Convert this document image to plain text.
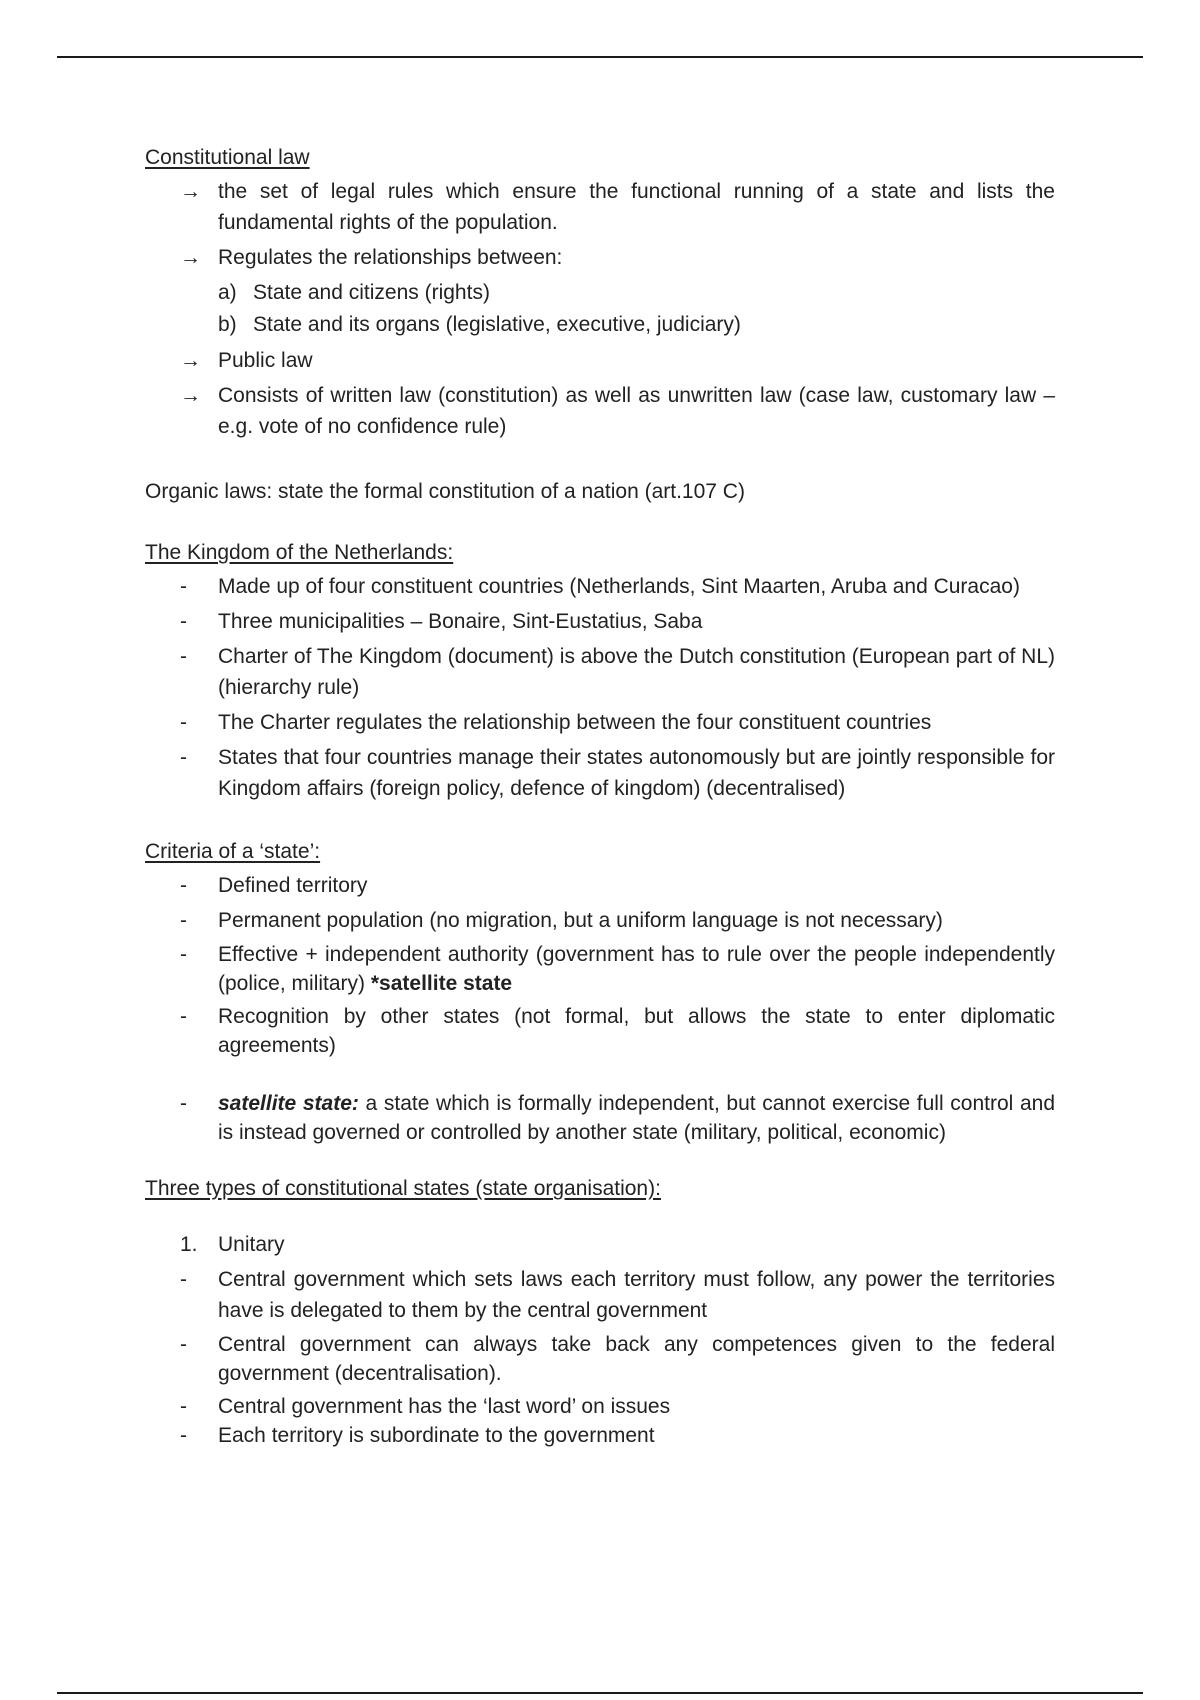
Constitutional law

→ the set of legal rules which ensure the functional running of a state and lists the fundamental rights of the population.
→ Regulates the relationships between:
a) State and citizens (rights)
b) State and its organs (legislative, executive, judiciary)
→ Public law
→ Consists of written law (constitution) as well as unwritten law (case law, customary law – e.g. vote of no confidence rule)

Organic laws: state the formal constitution of a nation (art.107 C)

The Kingdom of the Netherlands:

-	Made up of four constituent countries (Netherlands, Sint Maarten, Aruba and Curacao)
-	Three municipalities – Bonaire, Sint-Eustatius, Saba
-	Charter of The Kingdom (document) is above the Dutch constitution (European part of NL) (hierarchy rule)
-	The Charter regulates the relationship between the four constituent countries
-	States that four countries manage their states autonomously but are jointly responsible for Kingdom affairs (foreign policy, defence of kingdom) (decentralised)

Criteria of a ‘state’:

-	Defined territory
-	Permanent population (no migration, but a uniform language is not necessary)
-	Effective + independent authority (government has to rule over the people independently (police, military) *satellite state
-	Recognition by other states (not formal, but allows the state to enter diplomatic agreements)
-	satellite state: a state which is formally independent, but cannot exercise full control and is instead governed or controlled by another state (military, political, economic)

Three types of constitutional states (state organisation):

1. Unitary
-	Central government which sets laws each territory must follow, any power the territories have is delegated to them by the central government
-	Central government can always take back any competences given to the federal government (decentralisation).
-	Central government has the ‘last word’ on issues
-	Each territory is subordinate to the government
